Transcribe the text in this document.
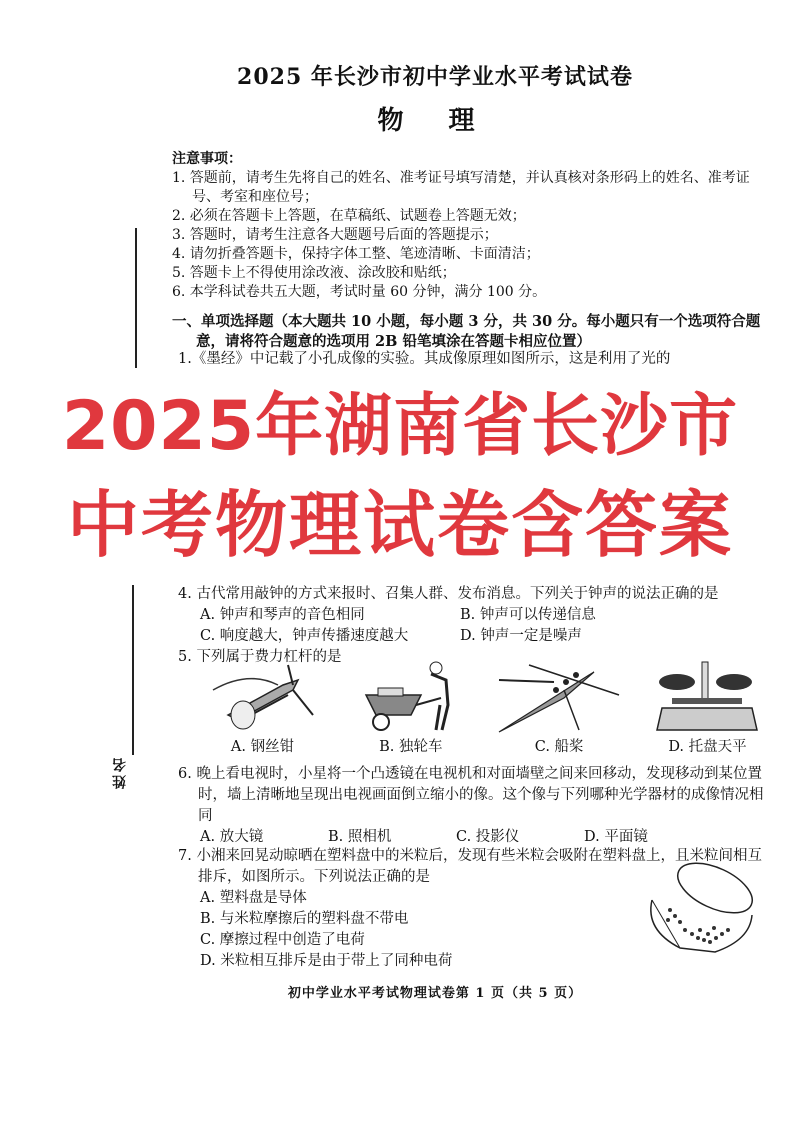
姓名
2025 年长沙市初中学业水平考试试卷
物 理
注意事项：
1. 答题前，请考生先将自己的姓名、准考证号填写清楚，并认真核对条形码上的姓名、准考证号、考室和座位号；
2. 必须在答题卡上答题，在草稿纸、试题卷上答题无效；
3. 答题时，请考生注意各大题题号后面的答题提示；
4. 请勿折叠答题卡，保持字体工整、笔迹清晰、卡面清洁；
5. 答题卡上不得使用涂改液、涂改胶和贴纸；
6. 本学科试卷共五大题，考试时量 60 分钟，满分 100 分。
一、单项选择题（本大题共 10 小题，每小题 3 分，共 30 分。每小题只有一个选项符合题意，请将符合题意的选项用 2B 铅笔填涂在答题卡相应位置）
1.《墨经》中记载了小孔成像的实验。其成像原理如图所示，这是利用了光的
2025年湖南省长沙市
中考物理试卷含答案
4. 古代常用敲钟的方式来报时、召集人群、发布消息。下列关于钟声的说法正确的是
A. 钟声和琴声的音色相同	B. 钟声可以传递信息
C. 响度越大，钟声传播速度越大	D. 钟声一定是噪声
5. 下列属于费力杠杆的是
A. 钢丝钳	B. 独轮车	C. 船桨	D. 托盘天平
6. 晚上看电视时，小星将一个凸透镜在电视机和对面墙壁之间来回移动，发现移动到某位置时，墙上清晰地呈现出电视画面倒立缩小的像。这个像与下列哪种光学器材的成像情况相同
A. 放大镜	B. 照相机	C. 投影仪	D. 平面镜
7. 小湘来回晃动晾晒在塑料盘中的米粒后，发现有些米粒会吸附在塑料盘上，且米粒间相互排斥，如图所示。下列说法正确的是
A. 塑料盘是导体
B. 与米粒摩擦后的塑料盘不带电
C. 摩擦过程中创造了电荷
D. 米粒相互排斥是由于带上了同种电荷
初中学业水平考试物理试卷第 1 页（共 5 页）
